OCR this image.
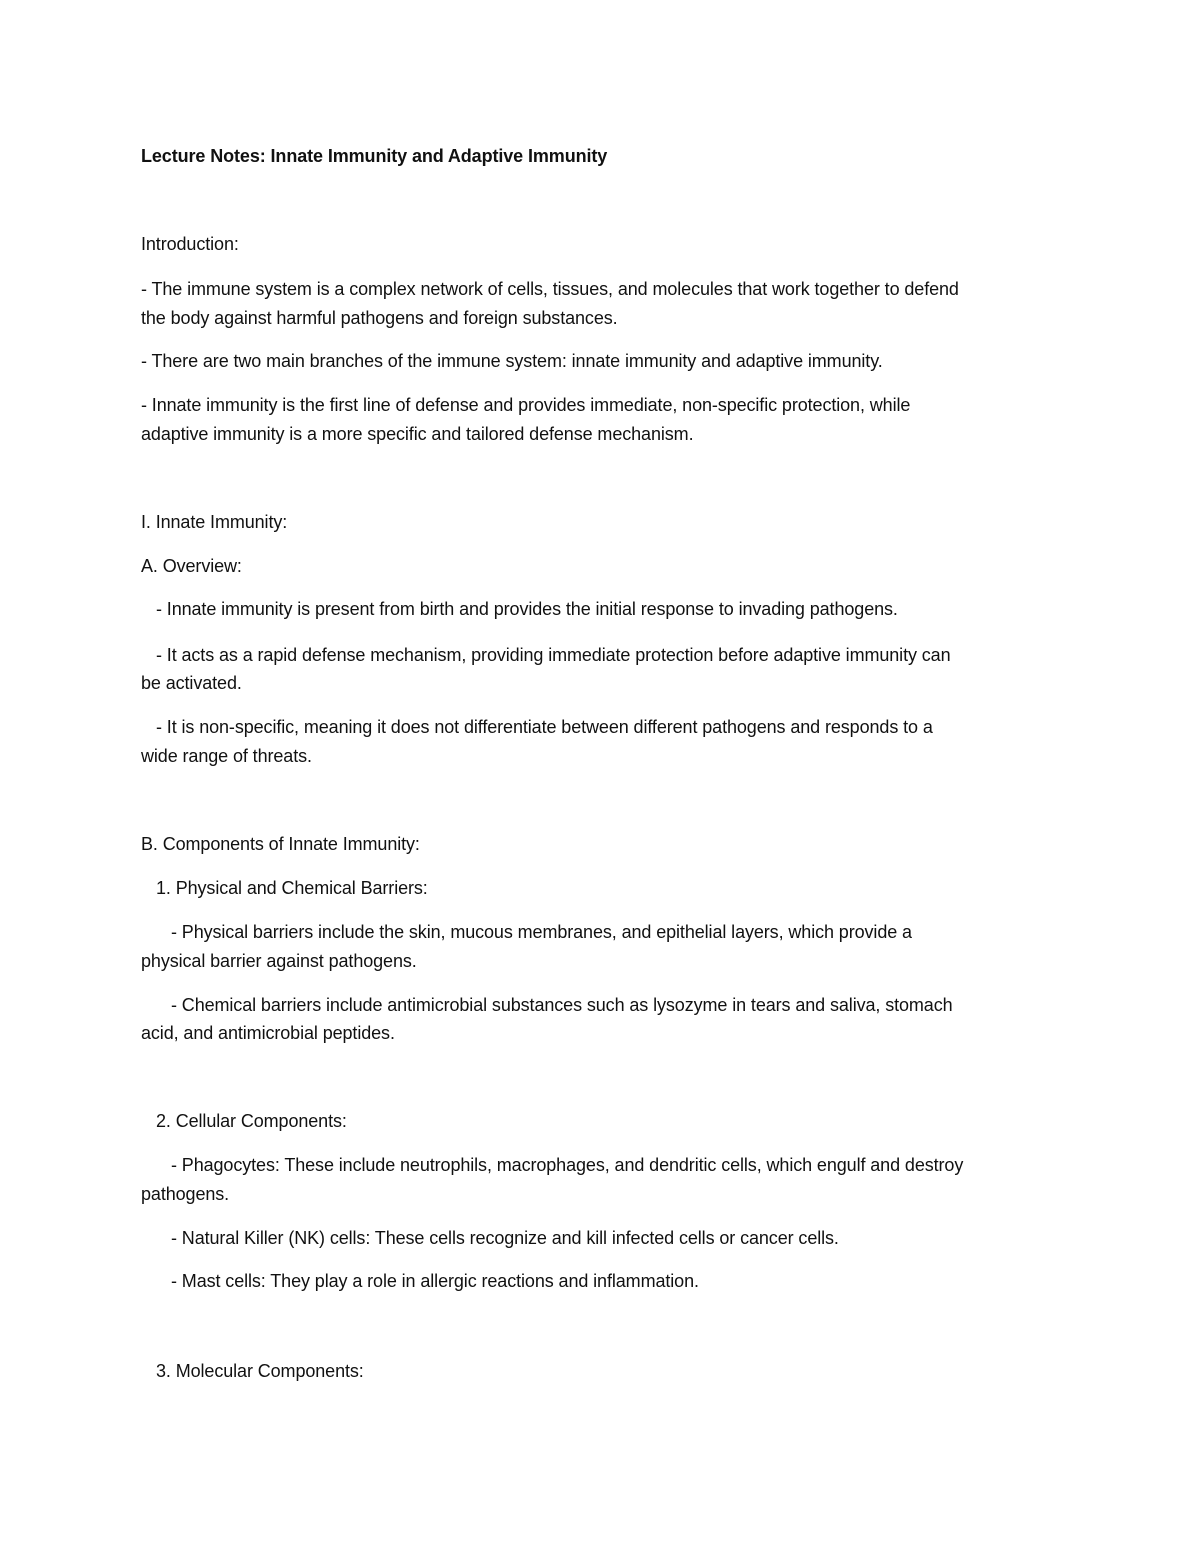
Lecture Notes: Innate Immunity and Adaptive Immunity
Introduction:
- The immune system is a complex network of cells, tissues, and molecules that work together to defend
the body against harmful pathogens and foreign substances.
- There are two main branches of the immune system: innate immunity and adaptive immunity.
- Innate immunity is the first line of defense and provides immediate, non-specific protection, while
adaptive immunity is a more specific and tailored defense mechanism.
I. Innate Immunity:
A. Overview:
- Innate immunity is present from birth and provides the initial response to invading pathogens.
- It acts as a rapid defense mechanism, providing immediate protection before adaptive immunity can
be activated.
- It is non-specific, meaning it does not differentiate between different pathogens and responds to a
wide range of threats.
B. Components of Innate Immunity:
1. Physical and Chemical Barriers:
- Physical barriers include the skin, mucous membranes, and epithelial layers, which provide a
physical barrier against pathogens.
- Chemical barriers include antimicrobial substances such as lysozyme in tears and saliva, stomach
acid, and antimicrobial peptides.
2. Cellular Components:
- Phagocytes: These include neutrophils, macrophages, and dendritic cells, which engulf and destroy
pathogens.
- Natural Killer (NK) cells: These cells recognize and kill infected cells or cancer cells.
- Mast cells: They play a role in allergic reactions and inflammation.
3. Molecular Components:
